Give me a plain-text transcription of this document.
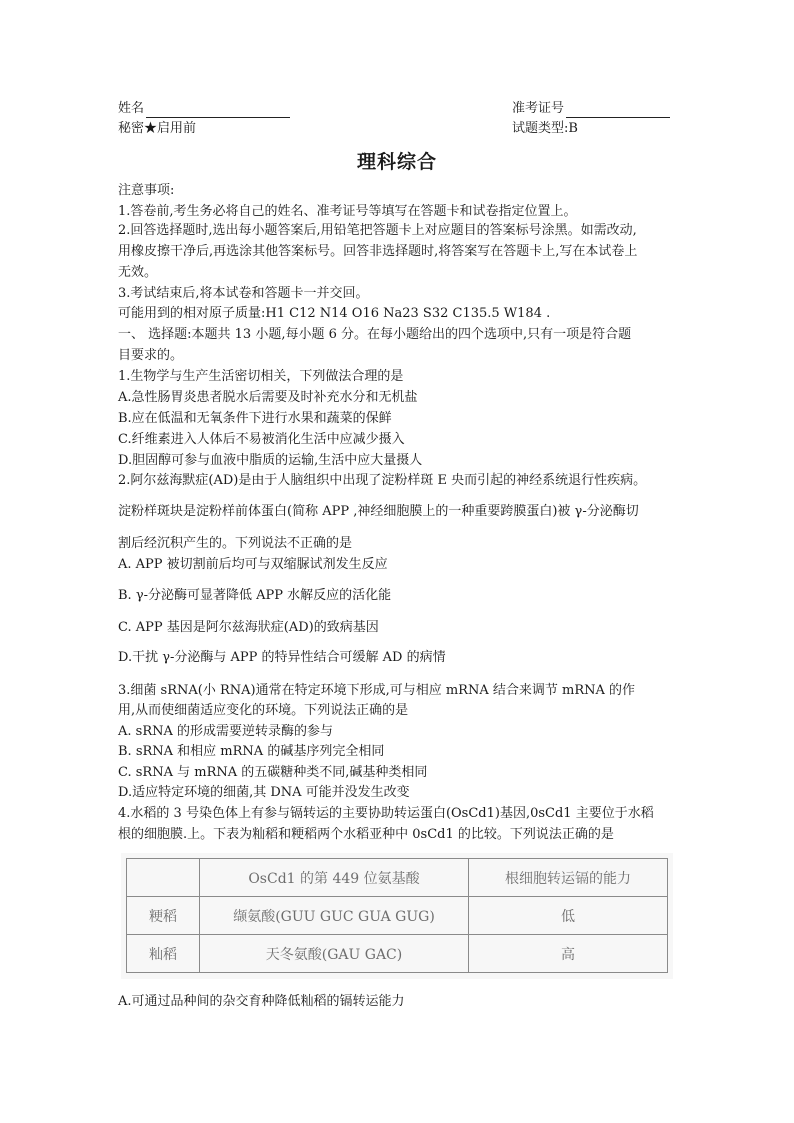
姓名	准考证号
秘密★启用前	试题类型:B
理科综合
注意事项:
1.答卷前,考生务必将自己的姓名、准考证号等填写在答题卡和试卷指定位置上。
2.回答选择题时,选出每小题答案后,用铅笔把答题卡上对应题目的答案标号涂黑。如需改动,
用橡皮擦干净后,再选涂其他答案标号。回答非选择题时,将答案写在答题卡上,写在本试卷上
无效。
3.考试结束后,将本试卷和答题卡一并交回。
可能用到的相对原子质量:H1 C12 N14 O16 Na23 S32 C135.5 W184 .
一、 选择题:本题共 13 小题,每小题 6 分。在每小题给出的四个选项中,只有一项是符合题
目要求的。
1.生物学与生产生活密切相关，下列做法合理的是
A.急性肠胃炎患者脱水后需要及时补充水分和无机盐
B.应在低温和无氧条件下进行水果和蔬菜的保鲜
C.纤维素进入人体后不易被消化生活中应减少摄入
D.胆固醇可参与血液中脂质的运输,生活中应大量摄人
2.阿尔兹海默症(AD)是由于人脑组织中出现了淀粉样斑 E 央而引起的神经系统退行性疾病。
淀粉样斑块是淀粉样前体蛋白(简称 APP ,神经细胞膜上的一种重要跨膜蛋白)被 γ-分泌酶切
割后经沉积产生的。下列说法不正确的是
A. APP 被切割前后均可与双缩脲试剂发生反应
B. γ-分泌酶可显著降低 APP 水解反应的活化能
C. APP 基因是阿尔兹海狀症(AD)的致病基因
D.干扰 γ-分泌酶与 APP 的特异性结合可缓解 AD 的病情
3.细菌 sRNA(小 RNA)通常在特定环境下形成,可与相应 mRNA 结合来调节 mRNA 的作
用,从而使细菌适应变化的环境。下列说法正确的是
A. sRNA 的形成需要逆转录酶的参与
B. sRNA 和相应 mRNA 的碱基序列完全相同
C. sRNA 与 mRNA 的五碳糖种类不同,碱基种类相同
D.适应特定环境的细菌,其 DNA 可能并没发生改变
4.水稻的 3 号染色体上有参与镉转运的主要协助转运蛋白(OsCd1)基因,0sCd1 主要位于水稻
根的细胞膜.上。下表为籼稻和粳稻两个水稻亚种中 0sCd1 的比较。下列说法正确的是
	OsCd1 的第 449 位氨基酸	根细胞转运镉的能力
粳稻	缬氨酸(GUU GUC GUA GUG)	低
籼稻	天冬氨酸(GAU GAC)	高
A.可通过品种间的杂交育种降低籼稻的镉转运能力
